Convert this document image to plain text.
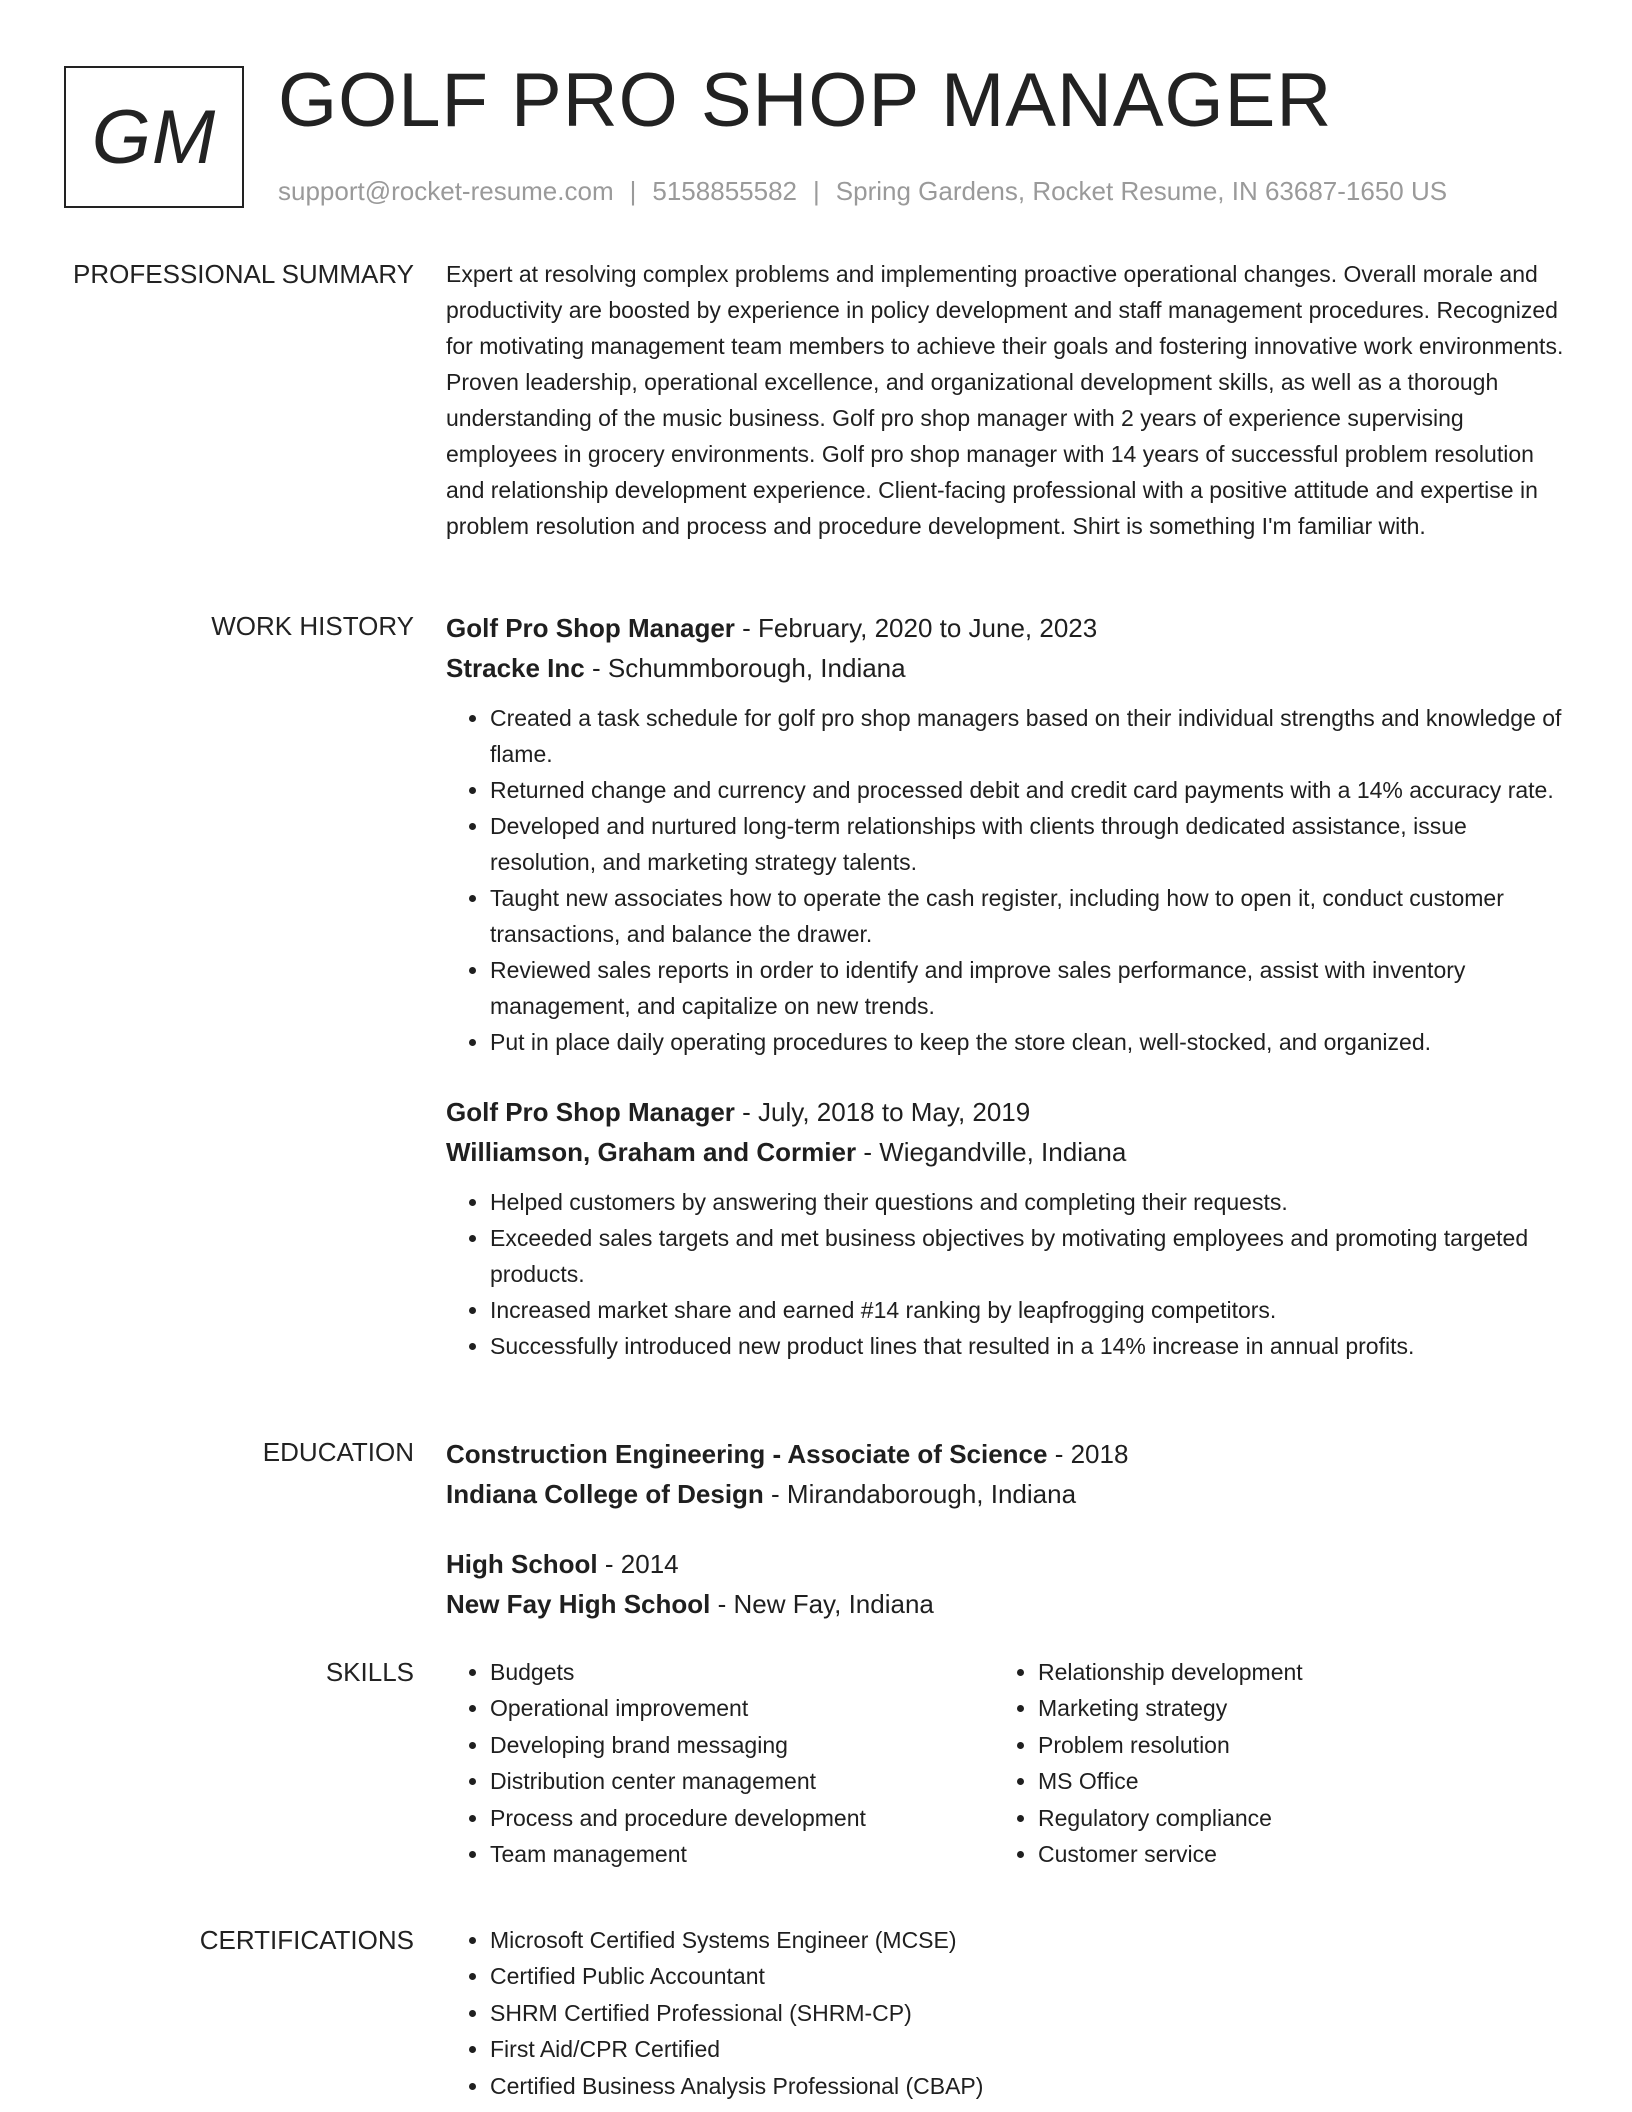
GM GOLF PRO SHOP MANAGER
support@rocket-resume.com | 5158855582 | Spring Gardens, Rocket Resume, IN 63687-1650 US
PROFESSIONAL SUMMARY Expert at resolving complex problems and implementing proactive operational changes. Overall morale and productivity are boosted by experience in policy development and staff management procedures. Recognized for motivating management team members to achieve their goals and fostering innovative work environments. Proven leadership, operational excellence, and organizational development skills, as well as a thorough understanding of the music business. Golf pro shop manager with 2 years of experience supervising employees in grocery environments. Golf pro shop manager with 14 years of successful problem resolution and relationship development experience. Client-facing professional with a positive attitude and expertise in problem resolution and process and procedure development. Shirt is something I'm familiar with.

WORK HISTORY Golf Pro Shop Manager - February, 2020 to June, 2023
Stracke Inc - Schummborough, Indiana
• Created a task schedule for golf pro shop managers based on their individual strengths and knowledge of flame.
• Returned change and currency and processed debit and credit card payments with a 14% accuracy rate.
• Developed and nurtured long-term relationships with clients through dedicated assistance, issue resolution, and marketing strategy talents.
• Taught new associates how to operate the cash register, including how to open it, conduct customer transactions, and balance the drawer.
• Reviewed sales reports in order to identify and improve sales performance, assist with inventory management, and capitalize on new trends.
• Put in place daily operating procedures to keep the store clean, well-stocked, and organized.
Golf Pro Shop Manager - July, 2018 to May, 2019
Williamson, Graham and Cormier - Wiegandville, Indiana
• Helped customers by answering their questions and completing their requests.
• Exceeded sales targets and met business objectives by motivating employees and promoting targeted products.
• Increased market share and earned #14 ranking by leapfrogging competitors.
• Successfully introduced new product lines that resulted in a 14% increase in annual profits.
EDUCATION Construction Engineering - Associate of Science - 2018
Indiana College of Design - Mirandaborough, Indiana
High School - 2014
New Fay High School - New Fay, Indiana
SKILLS	• Budgets
• Operational improvement
• Developing brand messaging
• Distribution center management
• Process and procedure development
• Team management
• Relationship development
• Marketing strategy
• Problem resolution
• MS Office
• Regulatory compliance
• Customer service
CERTIFICATIONS	• Microsoft Certified Systems Engineer (MCSE)
• Certified Public Accountant
• SHRM Certified Professional (SHRM-CP)
• First Aid/CPR Certified
• Certified Business Analysis Professional (CBAP)
